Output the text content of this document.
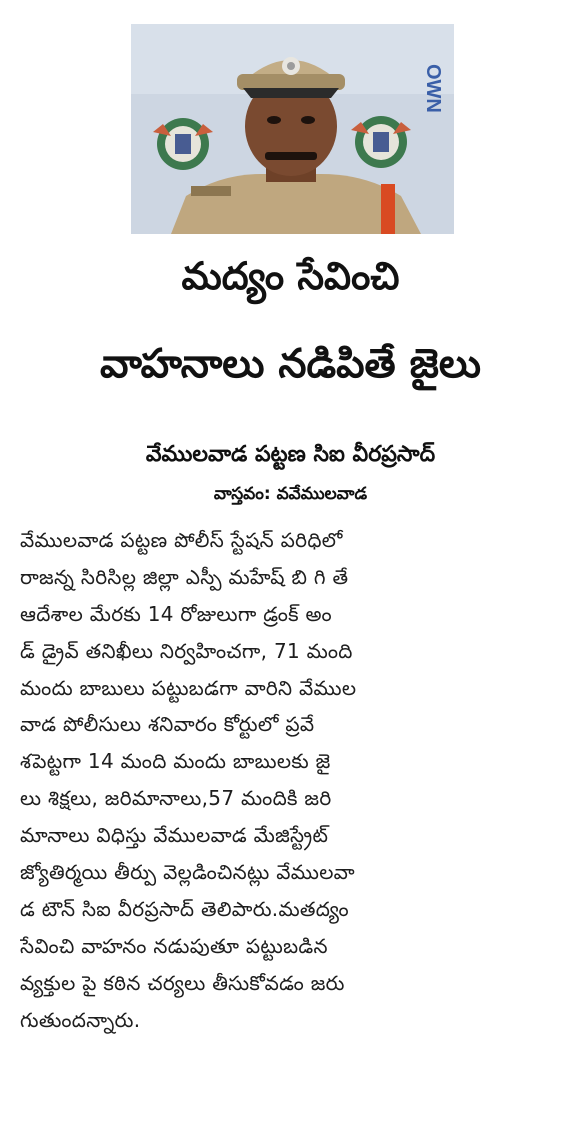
OWN
మద్యం సేవించి
వాహనాలు నడిపితే జైలు
వేములవాడ పట్టణ సిఐ వీరప్రసాద్
వాస్తవం: వవేములవాడ
వేములవాడ పట్టణ పోలీస్ స్టేషన్ పరిధిలో
రాజన్న సిరిసిల్ల జిల్లా ఎస్పీ మహేష్ బి గి తే
ఆదేశాల మేరకు 14 రోజులుగా డ్రంక్ అం
డ్ డ్రైవ్ తనిఖీలు నిర్వహించగా, 71 మంది
మందు బాబులు పట్టుబడగా వారిని వేముల
వాడ పోలీసులు శనివారం కోర్టులో ప్రవే
శపెట్టగా 14 మంది మందు బాబులకు జై
లు శిక్షలు, జరిమానాలు,57 మందికి జరి
మానాలు విధిస్తు వేములవాడ మేజిస్ట్రేట్
జ్యోతిర్మయి తీర్పు వెల్లడించినట్లు వేములవా
డ టౌన్ సిఐ వీరప్రసాద్ తెలిపారు.మతద్యం
సేవించి వాహనం నడుపుతూ పట్టుబడిన
వ్యక్తుల పై కఠిన చర్యలు తీసుకోవడం జరు
గుతుందన్నారు.
